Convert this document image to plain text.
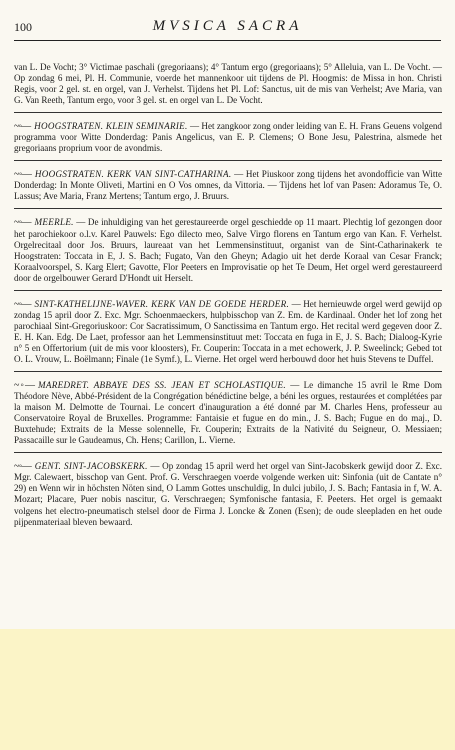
100	MVSICA SACRA

van L. De Vocht; 3° Victimae paschali (gregoriaans); 4° Tantum ergo (gregoriaans); 5° Alleluia, van L. De Vocht. — Op zondag 6 mei, Pl. H. Communie, voerde het mannenkoor uit tijdens de Pl. Hoogmis: de Missa in hon. Christi Regis, voor 2 gel. st. en orgel, van J. Verhelst. Tijdens het Pl. Lof: Sanctus, uit de mis van Verhelst; Ave Maria, van G. Van Reeth, Tantum ergo, voor 3 gel. st. en orgel van L. De Vocht.

~◦— HOOGSTRATEN. KLEIN SEMINARIE. — Het zangkoor zong onder leiding van E. H. Frans Geuens volgend programma voor Witte Donderdag: Panis Angelicus, van E. P. Clemens; O Bone Jesu, Palestrina, alsmede het gregoriaans proprium voor de avondmis.

~◦— HOOGSTRATEN. KERK VAN SINT-CATHARINA. — Het Piuskoor zong tijdens het avondofficie van Witte Donderdag: In Monte Oliveti, Martini en O Vos omnes, da Vittoria. — Tijdens het lof van Pasen: Adoramus Te, O. Lassus; Ave Maria, Franz Mertens; Tantum ergo, J. Bruurs.

~◦— MEERLE. — De inhuldiging van het gerestaureerde orgel geschiedde op 11 maart. Plechtig lof gezongen door het parochiekoor o.l.v. Karel Pauwels: Ego dilecto meo, Salve Virgo florens en Tantum ergo van Kan. F. Verhelst. Orgelrecitaal door Jos. Bruurs, laureaat van het Lemmensinstituut, organist van de Sint-Catharinakerk te Hoogstraten: Toccata in E, J. S. Bach; Fugato, Van den Gheyn; Adagio uit het derde Koraal van Cesar Franck; Koraalvoorspel, S. Karg Elert; Gavotte, Flor Peeters en Improvisatie op het Te Deum, Het orgel werd gerestaureerd door de orgelbouwer Gerard D'Hondt uit Herselt.

~◦— SINT-KATHELIJNE-WAVER. KERK VAN DE GOEDE HERDER. — Het hernieuwde orgel werd gewijd op zondag 15 april door Z. Exc. Mgr. Schoenmaeckers, hulpbisschop van Z. Em. de Kardinaal. Onder het lof zong het parochiaal Sint-Gregoriuskoor: Cor Sacratissimum, O Sanctissima en Tantum ergo. Het recital werd gegeven door Z. E. H. Kan. Edg. De Laet, professor aan het Lemmensinstituut met: Toccata en fuga in E, J. S. Bach; Dialoog-Kyrie n° 5 en Offertorium (uit de mis voor kloosters), Fr. Couperin: Toccata in a met echowerk, J. P. Sweelinck; Gebed tot O. L. Vrouw, L. Boëlmann; Finale (1e Symf.), L. Vierne. Het orgel werd herbouwd door het huis Stevens te Duffel.

~◦— MAREDRET. ABBAYE DES SS. JEAN ET SCHOLASTIQUE. — Le dimanche 15 avril le Rme Dom Théodore Nève, Abbé-Président de la Congrégation bénédictine belge, a béni les orgues, restaurées et complétées par la maison M. Delmotte de Tournai. Le concert d'inauguration a été donné par M. Charles Hens, professeur au Conservatoire Royal de Bruxelles. Programme: Fantaisie et fugue en do min., J. S. Bach; Fugue en do maj., D. Buxtehude; Extraits de la Messe solennelle, Fr. Couperin; Extraits de la Nativité du Seigneur, O. Messiaen; Passacaille sur le Gaudeamus, Ch. Hens; Carillon, L. Vierne.

~◦— GENT. SINT-JACOBSKERK. — Op zondag 15 april werd het orgel van Sint-Jacobskerk gewijd door Z. Exc. Mgr. Calewaert, bisschop van Gent. Prof. G. Verschraegen voerde volgende werken uit: Sinfonia (uit de Cantate n° 29) en Wenn wir in höchsten Nöten sind, O Lamm Gottes unschuldig, In dulci jubilo, J. S. Bach; Fantasia in f, W. A. Mozart; Placare, Puer nobis nascitur, G. Verschraegen; Symfonische fantasia, F. Peeters. Het orgel is gemaakt volgens het electro-pneumatisch stelsel door de Firma J. Loncke & Zonen (Esen); de oude sleepladen en het oude pijpenmateriaal bleven bewaard.
